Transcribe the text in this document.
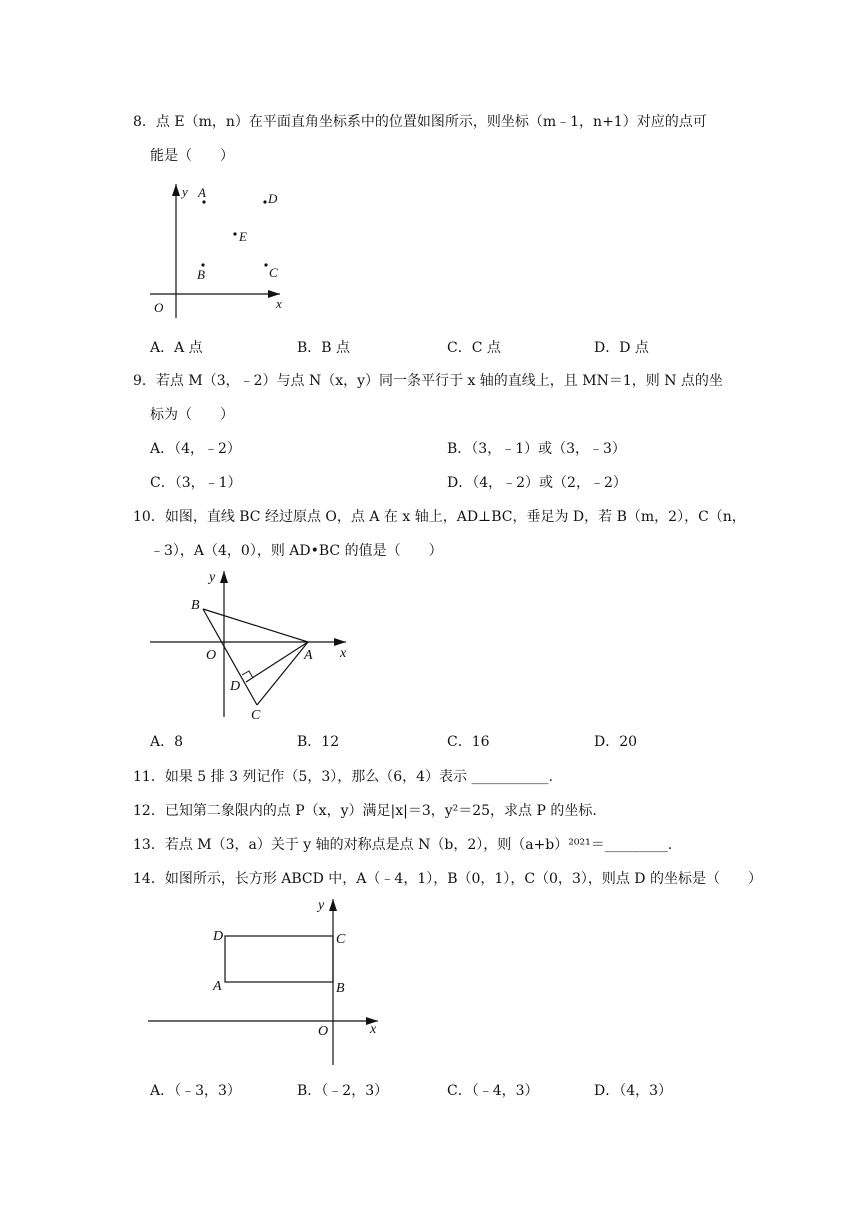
8．点 E（m，n）在平面直角坐标系中的位置如图所示，则坐标（m﹣1，n+1）对应的点可
能是（　　）
y
x
O
A	D
E
B	C
A．A 点	B．B 点	C．C 点	D．D 点
9．若点 M（3，﹣2）与点 N（x，y）同一条平行于 x 轴的直线上，且 MN＝1，则 N 点的坐
标为（　　）
A．（4，﹣2）	B．（3，﹣1）或（3，﹣3）
C．（3，﹣1）	D．（4，﹣2）或（2，﹣2）
10．如图，直线 BC 经过原点 O，点 A 在 x 轴上，AD⊥BC，垂足为 D，若 B（m，2），C（n，
﹣3），A（4，0），则 AD•BC 的值是（　　）
y
x
O
B
A
D
C
A．8	B．12	C．16	D．20
11．如果 5 排 3 列记作（5，3），那么（6，4）表示 ___________.
12．已知第二象限内的点 P（x，y）满足|x|＝3，y²＝25，求点 P 的坐标.
13．若点 M（3，a）关于 y 轴的对称点是点 N（b，2），则（a+b）²⁰²¹＝_________.
14．如图所示，长方形 ABCD 中，A（﹣4，1），B（0，1），C（0，3），则点 D 的坐标是（　　）
y
x
O
D	C
A	B
A．（﹣3，3）	B．（﹣2，3）	C．（﹣4，3）	D．（4，3）
